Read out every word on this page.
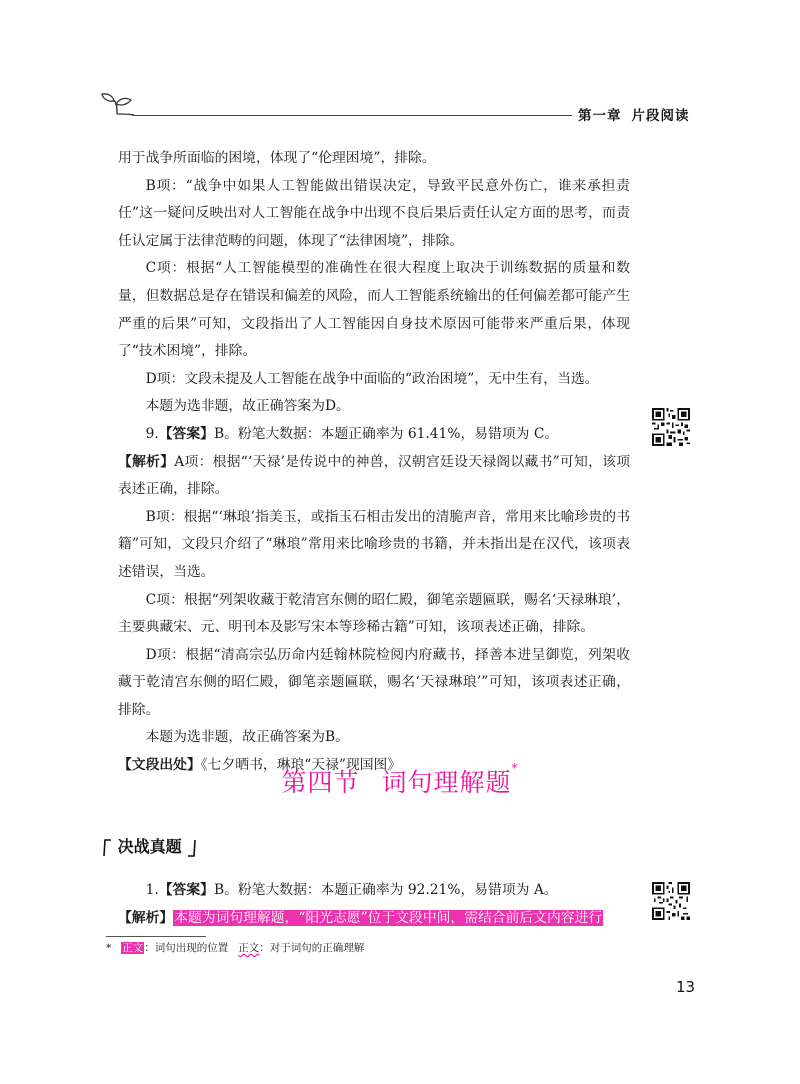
第一章 片段阅读

用于战争所面临的困境，体现了“伦理困境”，排除。

B项：“战争中如果人工智能做出错误决定，导致平民意外伤亡，谁来承担责任”这一疑问反映出对人工智能在战争中出现不良后果后责任认定方面的思考，而责任认定属于法律范畴的问题，体现了“法律困境”，排除。

C项：根据“人工智能模型的准确性在很大程度上取决于训练数据的质量和数量，但数据总是存在错误和偏差的风险，而人工智能系统输出的任何偏差都可能产生严重的后果”可知，文段指出了人工智能因自身技术原因可能带来严重后果，体现了“技术困境”，排除。

D项：文段未提及人工智能在战争中面临的“政治困境”，无中生有，当选。

本题为选非题，故正确答案为D。

9.【答案】B。粉笔大数据：本题正确率为 61.41%，易错项为 C。

【解析】A项：根据“‘天禄’是传说中的神兽，汉朝宫廷设天禄阁以藏书”可知，该项表述正确，排除。

B项：根据“‘琳琅’指美玉，或指玉石相击发出的清脆声音，常用来比喻珍贵的书籍”可知，文段只介绍了“琳琅”常用来比喻珍贵的书籍，并未指出是在汉代，该项表述错误，当选。

C项：根据“列架收藏于乾清宫东侧的昭仁殿，御笔亲题匾联，赐名‘天禄琳琅’，主要典藏宋、元、明刊本及影写宋本等珍稀古籍”可知，该项表述正确，排除。

D项：根据“清高宗弘历命内廷翰林院检阅内府藏书，择善本进呈御览，列架收藏于乾清宫东侧的昭仁殿，御笔亲题匾联，赐名‘天禄琳琅’”可知，该项表述正确，排除。

本题为选非题，故正确答案为B。

【文段出处】《七夕晒书，琳琅“天禄”现国图》

第四节 词句理解题*
决战真题

1.【答案】B。粉笔大数据：本题正确率为 92.21%，易错项为 A。

【解析】本题为词句理解题，“阳光志愿”位于文段中间，需结合前后文内容进行

* 正文：词句出现的位置 正文：对于词句的正确理解
13
